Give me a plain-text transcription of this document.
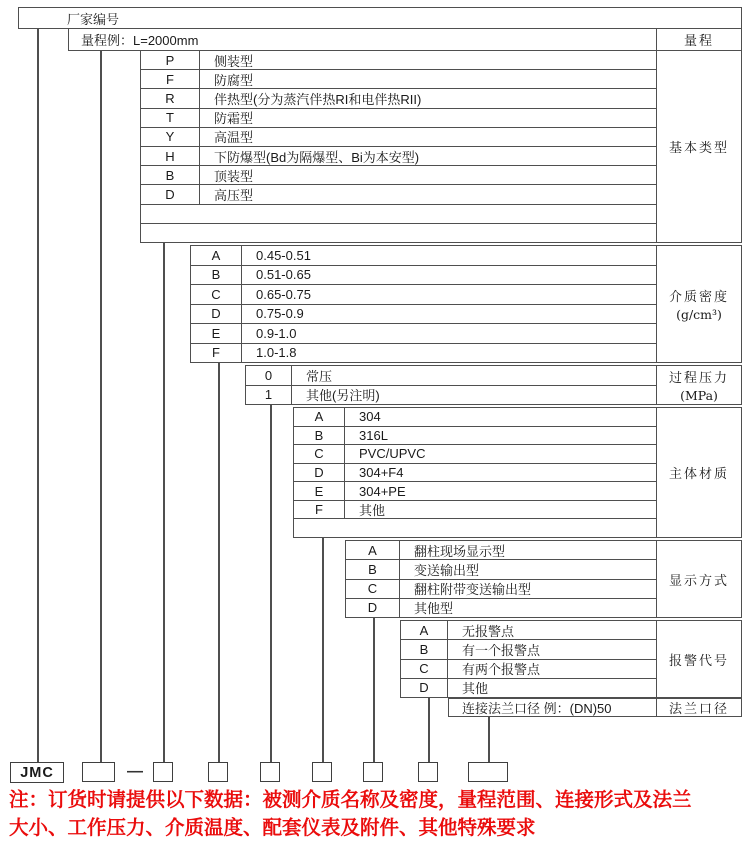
厂家编号
量程例：L=2000mm	量程
JMC	—
注：订货时请提供以下数据：被测介质名称及密度，量程范围、连接形式及法兰
大小、工作压力、介质温度、配套仪表及附件、其他特殊要求
P	侧装型
F	防腐型
R	伴热型(分为蒸汽伴热RI和电伴热RII)
T	防霜型
Y	高温型
H	下防爆型(Bd为隔爆型、Bi为本安型)
B	顶装型
D	高压型
基本类型
A	0.45-0.51
B	0.51-0.65
C	0.65-0.75
D	0.75-0.9
E	0.9-1.0
F	1.0-1.8
介质密度
(g/cm³)
0	常压
1	其他(另注明)
过程压力
(MPa)
A	304
B	316L
C	PVC/UPVC
D	304+F4
E	304+PE
F	其他
主体材质
A	翻柱现场显示型
B	变送输出型
C	翻柱附带变送输出型
D	其他型
显示方式
A	无报警点
B	有一个报警点
C	有两个报警点
D	其他
报警代号
连接法兰口径 例：(DN)50	法兰口径
